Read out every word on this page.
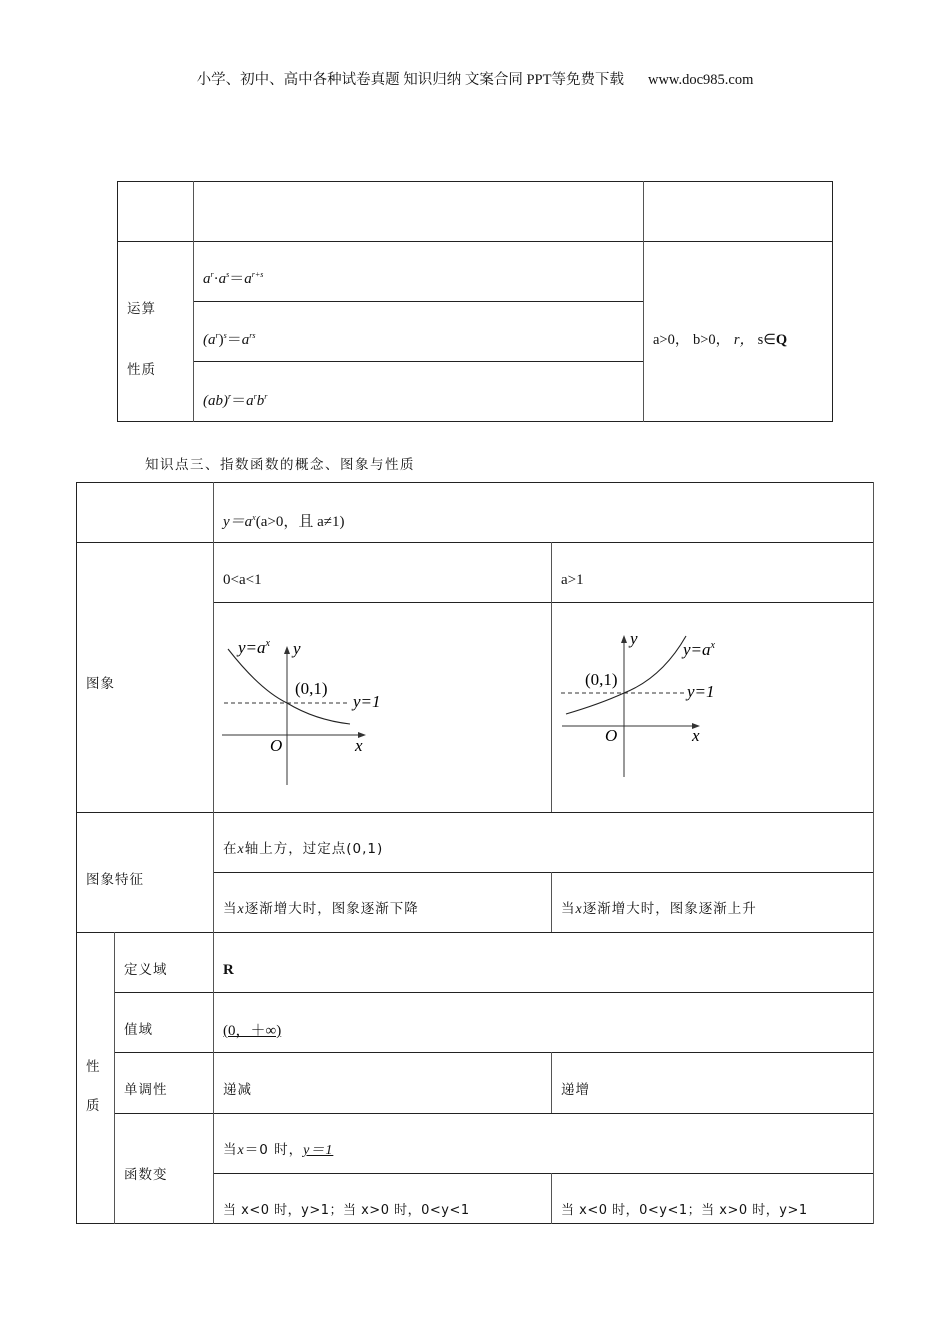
小学、初中、高中各种试卷真题 知识归纳 文案合同 PPT等免费下载 www.doc985.com
运算
性质
$a^r\cdot a^s=a^{r+s}$
$(a^r)^s=a^{rs}$
$(ab)^r=a^rb^r$
a>0， b>0， r， s∈Q
知识点三、指数函数的概念、图象与性质
$y=a^x(a>0$，且 a≠1)
图象
0<a<1	a>1
$y=a^x$ y
(0,1)
y=1
O	x
$y=a^x$
y
(0,1)
y=1
O	x
图象特征
在x轴上方，过定点(0,1)
当x逐渐增大时，图象逐渐下降	当x逐渐增大时，图象逐渐上升
性
质
定义域	R
值域	(0，＋∞)
单调性	递减	递增
函数变
当x＝0 时，y＝1
当 x<0 时，y>1；当 x>0 时，0<y<1	当 x<0 时，0<y<1；当 x>0 时，y>1
